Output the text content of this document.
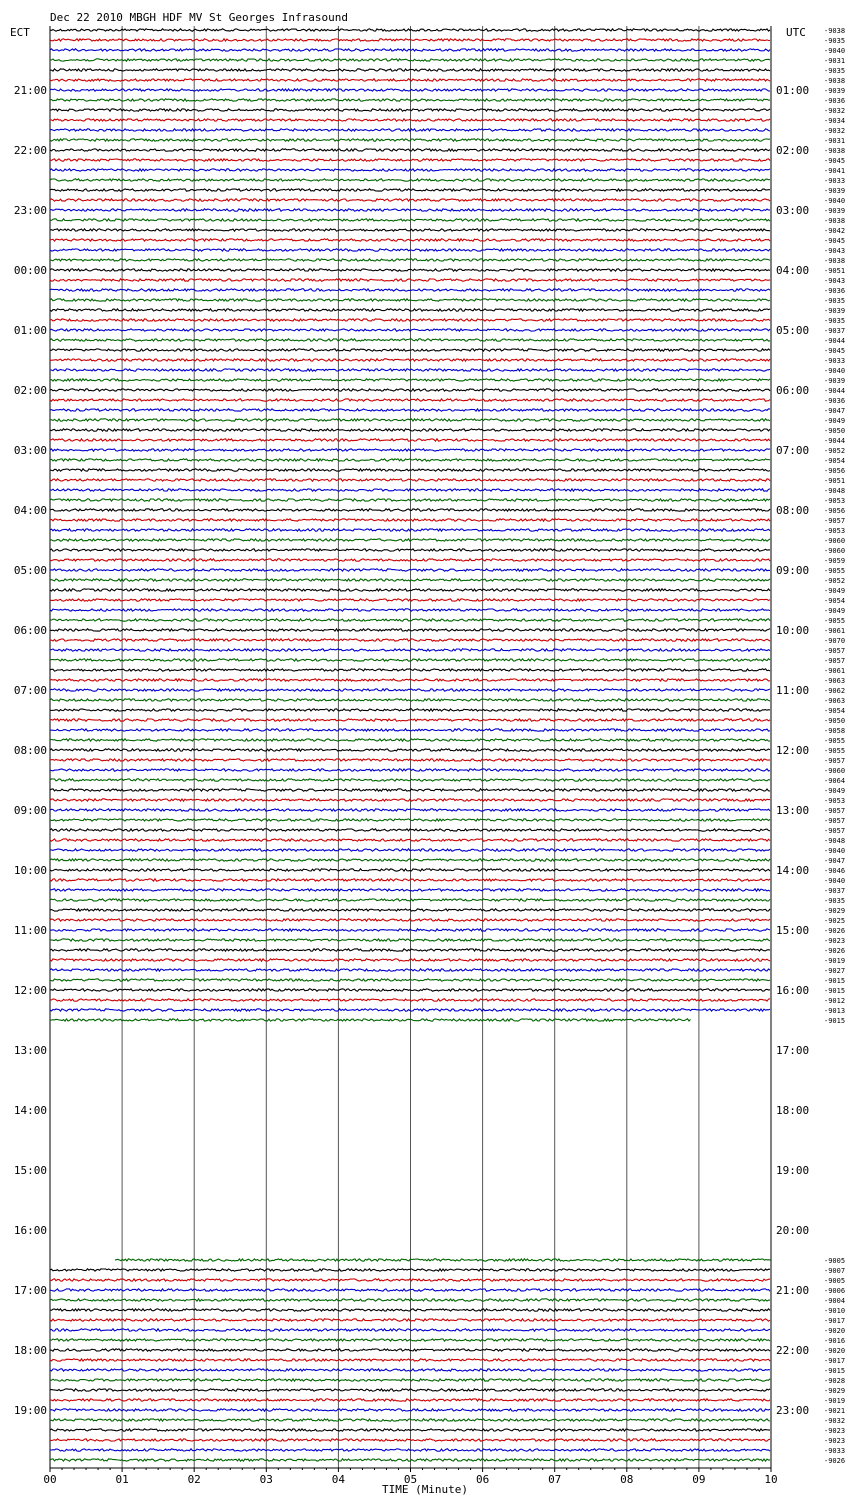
Dec 22 2010 MBGH HDF MV St Georges Infrasound
ECT	UTC
21:00
22:00
23:00
00:00
01:00
02:00
03:00
04:00
05:00
06:00
07:00
08:00
09:00
10:00
11:00
12:00
13:00
14:00
15:00
16:00
17:00
18:00
19:00
01:00
02:00
03:00
04:00
05:00
06:00
07:00
08:00
09:00
10:00
11:00
12:00
13:00
14:00
15:00
16:00
17:00
18:00
19:00
20:00
21:00
22:00
23:00
-9038
-9035
-9040
-9031
-9035
-9038
-9039
-9036
-9032
-9034
-9032
-9031
-9038
-9045
-9041
-9033
-9039
-9040
-9039
-9038
-9042
-9045
-9043
-9038
-9051
-9043
-9036
-9035
-9039
-9035
-9037
-9044
-9045
-9033
-9040
-9039
-9044
-9036
-9047
-9049
-9050
-9044
-9052
-9054
-9056
-9051
-9048
-9053
-9056
-9057
-9053
-9060
-9060
-9059
-9055
-9052
-9049
-9054
-9049
-9055
-9061
-9070
-9057
-9057
-9061
-9063
-9062
-9063
-9054
-9050
-9058
-9055
-9055
-9057
-9060
-9064
-9049
-9053
-9057
-9057
-9057
-9048
-9040
-9047
-9046
-9040
-9037
-9035
-9029
-9025
-9026
-9023
-9026
-9019
-9027
-9015
-9015
-9012
-9013
-9015
-9005
-9007
-9005
-9006
-9004
-9010
-9017
-9020
-9016
-9020
-9017
-9015
-9028
-9029
-9019
-9021
-9032
-9023
-9023
-9033
-9026
00	01	02	03	04	05	06	07	08	09	10
TIME (Minute)
